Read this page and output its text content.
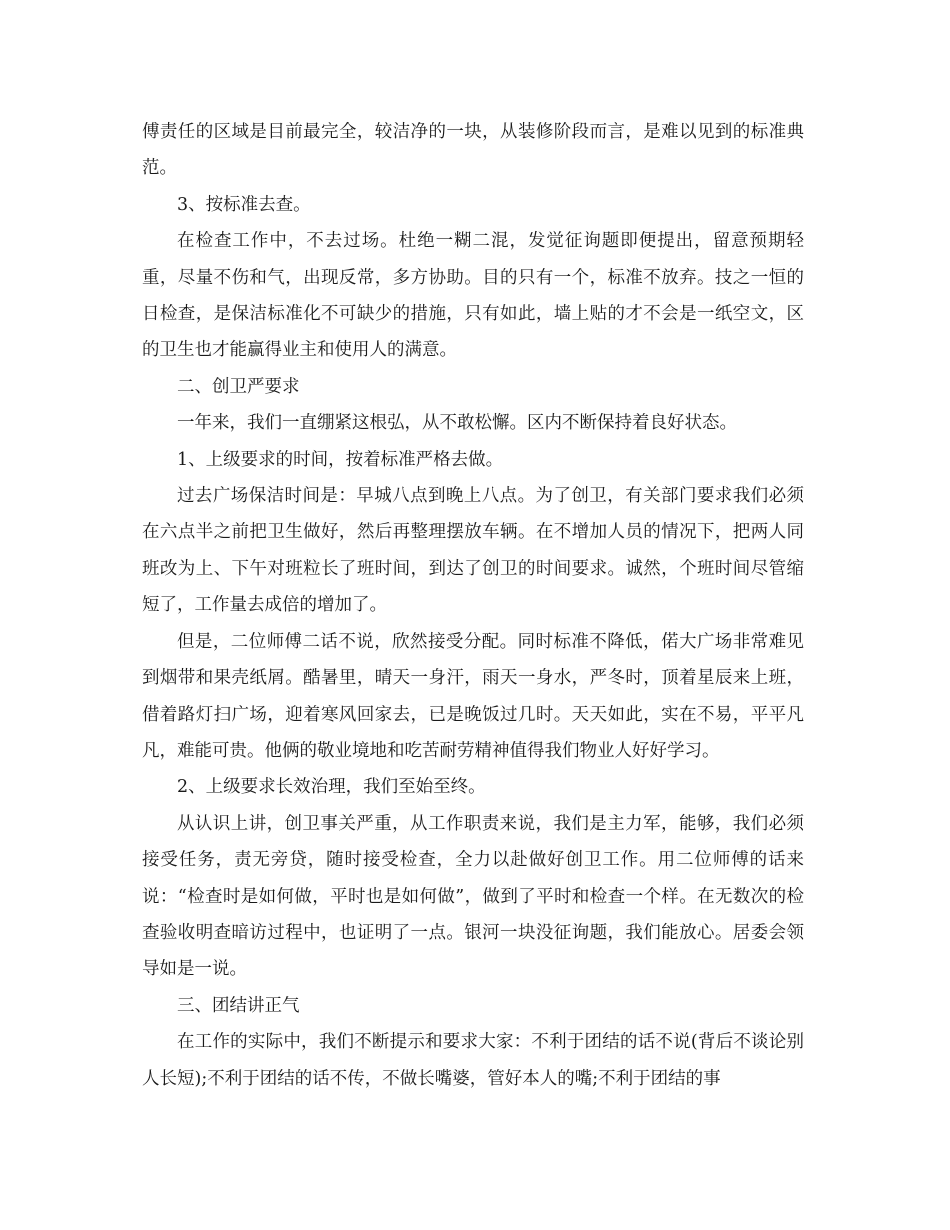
傅责任的区域是目前最完全，较洁净的一块，从装修阶段而言，是难以见到的标准典范。

3、按标准去查。

在检查工作中，不去过场。杜绝一糊二混，发觉征询题即便提出，留意预期轻重，尽量不伤和气，出现反常，多方协助。目的只有一个，标准不放弃。技之一恒的日检查，是保洁标准化不可缺少的措施，只有如此，墙上贴的才不会是一纸空文，区的卫生也才能赢得业主和使用人的满意。

二、创卫严要求

一年来，我们一直绷紧这根弘，从不敢松懈。区内不断保持着良好状态。

1、上级要求的时间，按着标准严格去做。

过去广场保洁时间是：早城八点到晚上八点。为了创卫，有关部门要求我们必须在六点半之前把卫生做好，然后再整理摆放车辆。在不增加人员的情况下，把两人同班改为上、下午对班粒长了班时间，到达了创卫的时间要求。诚然，个班时间尽管缩短了，工作量去成倍的增加了。

但是，二位师傅二话不说，欣然接受分配。同时标准不降低，偌大广场非常难见到烟带和果壳纸屑。酷暑里，晴天一身汗，雨天一身水，严冬时，顶着星辰来上班，借着路灯扫广场，迎着寒风回家去，已是晚饭过几时。天天如此，实在不易，平平凡凡，难能可贵。他俩的敬业境地和吃苦耐劳精神值得我们物业人好好学习。

2、上级要求长效治理，我们至始至终。

从认识上讲，创卫事关严重，从工作职责来说，我们是主力军，能够，我们必须接受任务，责无旁贷，随时接受检查，全力以赴做好创卫工作。用二位师傅的话来说：“检查时是如何做，平时也是如何做”，做到了平时和检查一个样。在无数次的检查验收明查暗访过程中，也证明了一点。银河一块没征询题，我们能放心。居委会领导如是一说。

三、团结讲正气

在工作的实际中，我们不断提示和要求大家：不利于团结的话不说(背后不谈论别人长短);不利于团结的话不传，不做长嘴婆，管好本人的嘴;不利于团结的事
